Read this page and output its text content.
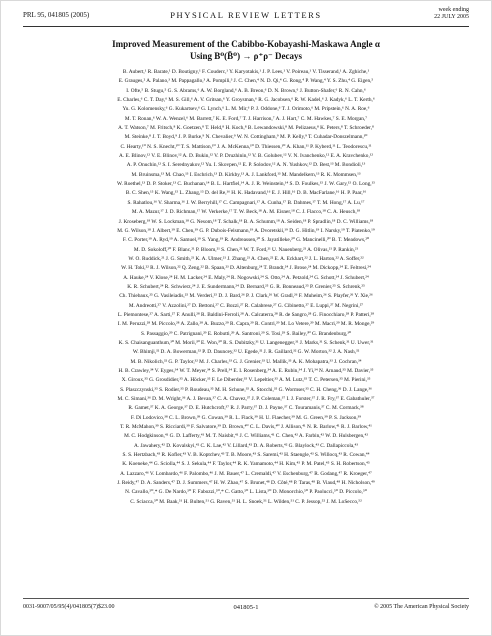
PRL 95, 041805 (2005)	PHYSICAL REVIEW LETTERS	week ending
22 JULY 2005
Improved Measurement of the Cabibbo-Kobayashi-Maskawa Angle α
Using B⁰(B̄⁰) → ρ⁺ρ⁻ Decays
B. Aubert,¹ R. Barate,¹ D. Boutigny,¹ F. Couderc,¹ Y. Karyotakis,¹ J. P. Lees,¹ V. Poireau,¹ V. Tisserand,¹ A. Zghiche,¹
E. Grauges,² A. Palano,³ M. Pappagallo,³ A. Pompili,³ J. C. Chen,⁴ N. D. Qi,⁴ G. Rong,⁴ P. Wang,⁴ Y. S. Zhu,⁴ G. Eigen,⁵
I. Ofte,⁵ B. Stugu,⁵ G. S. Abrams,⁶ A. W. Borgland,⁶ A. B. Breon,⁶ D. N. Brown,⁶ J. Button-Shafer,⁶ R. N. Cahn,⁶
E. Charles,⁶ C. T. Day,⁶ M. S. Gill,⁶ A. V. Gritsan,⁶ Y. Groysman,⁶ R. G. Jacobsen,⁶ R. W. Kadel,⁶ J. Kadyk,⁶ L. T. Kerth,⁶
Yu. G. Kolomensky,⁶ G. Kukartsev,⁶ G. Lynch,⁶ L. M. Mir,⁶ P. J. Oddone,⁶ T. J. Orimoto,⁶ M. Pripstein,⁶ N. A. Roe,⁶
M. T. Ronan,⁶ W. A. Wenzel,⁶ M. Barrett,⁷ K. E. Ford,⁷ T. J. Harrison,⁷ A. J. Hart,⁷ C. M. Hawkes,⁷ S. E. Morgan,⁷
A. T. Watson,⁷ M. Fritsch,⁸ K. Goetzen,⁸ T. Held,⁸ H. Koch,⁸ B. Lewandowski,⁸ M. Pelizaeus,⁸ K. Peters,⁸ T. Schroeder,⁸
M. Steinke,⁸ J. T. Boyd,⁹ J. P. Burke,⁹ N. Chevalier,⁹ W. N. Cottingham,⁹ M. P. Kelly,⁹ T. Cuhadar-Donszelmann,¹⁰
C. Hearty,¹⁰ N. S. Knecht,¹⁰ T. S. Mattison,¹⁰ J. A. McKenna,¹⁰ D. Thiessen,¹⁰ A. Khan,¹¹ P. Kyberd,¹¹ L. Teodorescu,¹¹
A. E. Blinov,¹² V. E. Blinov,¹² A. D. Bukin,¹² V. P. Druzhinin,¹² V. B. Golubev,¹² V. N. Ivanchenko,¹² E. A. Kravchenko,¹²
A. P. Onuchin,¹² S. I. Serednyakov,¹² Yu. I. Skovpen,¹² E. P. Solodov,¹² A. N. Yushkov,¹² D. Best,¹³ M. Bondioli,¹³
M. Bruinsma,¹³ M. Chao,¹³ I. Eschrich,¹³ D. Kirkby,¹³ A. J. Lankford,¹³ M. Mandelkern,¹³ R. K. Mommsen,¹³
W. Roethel,¹³ D. P. Stoker,¹³ C. Buchanan,¹⁴ B. L. Hartfiel,¹⁴ A. J. R. Weinstein,¹⁴ S. D. Foulkes,¹⁵ J. W. Gary,¹⁵ O. Long,¹⁵
B. C. Shen,¹⁵ K. Wang,¹⁵ L. Zhang,¹⁵ D. del Re,¹⁶ H. K. Hadavand,¹⁶ E. J. Hill,¹⁶ D. B. MacFarlane,¹⁶ H. P. Paar,¹⁶
S. Rahatlou,¹⁶ V. Sharma,¹⁶ J. W. Berryhill,¹⁷ C. Campagnari,¹⁷ A. Cunha,¹⁷ B. Dahmes,¹⁷ T. M. Hong,¹⁷ A. Lu,¹⁷
M. A. Mazur,¹⁷ J. D. Richman,¹⁷ W. Verkerke,¹⁷ T. W. Beck,¹⁸ A. M. Eisner,¹⁸ C. J. Flacco,¹⁸ C. A. Heusch,¹⁸
J. Kroseberg,¹⁸ W. S. Lockman,¹⁸ G. Nesom,¹⁸ T. Schalk,¹⁸ B. A. Schumm,¹⁸ A. Seiden,¹⁸ P. Spradlin,¹⁸ D. C. Williams,¹⁸
M. G. Wilson,¹⁸ J. Albert,¹⁹ E. Chen,¹⁹ G. P. Dubois-Felsmann,¹⁹ A. Dvoretskii,¹⁹ D. G. Hitlin,¹⁹ I. Narsky,¹⁹ T. Piatenko,¹⁹
F. C. Porter,¹⁹ A. Ryd,¹⁹ A. Samuel,¹⁹ S. Yang,¹⁹ R. Andreassen,²⁰ S. Jayatilleke,²⁰ G. Mancinelli,²⁰ B. T. Meadows,²⁰
M. D. Sokoloff,²⁰ F. Blanc,²¹ P. Bloom,²¹ S. Chen,²¹ W. T. Ford,²¹ U. Nauenberg,²¹ A. Olivas,²¹ P. Rankin,²¹
W. O. Ruddick,²¹ J. G. Smith,²¹ K. A. Ulmer,²¹ J. Zhang,²¹ A. Chen,²² E. A. Eckhart,²² J. L. Harton,²² A. Soffer,²²
W. H. Toki,²² R. J. Wilson,²² Q. Zeng,²² B. Spaan,²³ D. Altenburg,²⁴ T. Brandt,²⁴ J. Brose,²⁴ M. Dickopp,²⁴ E. Feltresi,²⁴
A. Hauke,²⁴ V. Klose,²⁴ H. M. Lacker,²⁴ E. Maly,²⁴ R. Nogowski,²⁴ S. Otto,²⁴ A. Petzold,²⁴ G. Schott,²⁴ J. Schubert,²⁴
K. R. Schubert,²⁴ R. Schwierz,²⁴ J. E. Sundermann,²⁴ D. Bernard,²⁵ G. R. Bonneaud,²⁵ P. Grenier,²⁵ S. Schrenk,²⁵
Ch. Thiebaux,²⁵ G. Vasileiadis,²⁵ M. Verderi,²⁵ D. J. Bard,²⁶ P. J. Clark,²⁶ W. Gradl,²⁶ F. Muheim,²⁶ S. Playfer,²⁶ Y. Xie,²⁶
M. Andreotti,²⁷ V. Azzolini,²⁷ D. Bettoni,²⁷ C. Bozzi,²⁷ R. Calabrese,²⁷ G. Cibinetto,²⁷ E. Luppi,²⁷ M. Negrini,²⁷
L. Piemontese,²⁷ A. Sarti,²⁷ F. Anulli,²⁸ R. Baldini-Ferroli,²⁸ A. Calcaterra,²⁸ R. de Sangro,²⁸ G. Finocchiaro,²⁸ P. Patteri,²⁸
I. M. Peruzzi,²⁸ M. Piccolo,²⁸ A. Zallo,²⁸ A. Buzzo,²⁹ R. Capra,²⁹ R. Contri,²⁹ M. Lo Vetere,²⁹ M. Macri,²⁹ M. R. Monge,²⁹
S. Passaggio,²⁹ C. Patrignani,²⁹ E. Robutti,²⁹ A. Santroni,²⁹ S. Tosi,²⁹ S. Bailey,³⁰ G. Brandenburg,³⁰
K. S. Chaisanguanthum,³⁰ M. Morii,³⁰ E. Won,³⁰ R. S. Dubitzky,³¹ U. Langenegger,³¹ J. Marks,³¹ S. Schenk,³¹ U. Uwer,³¹
W. Bhimji,³² D. A. Bowerman,³² P. D. Dauncey,³² U. Egede,³² J. R. Gaillard,³² G. W. Morton,³² J. A. Nash,³²
M. B. Nikolich,³² G. P. Taylor,³² M. J. Charles,³³ G. J. Grenier,³³ U. Mallik,³³ A. K. Mohapatra,³³ J. Cochran,³⁴
H. B. Crawley,³⁴ V. Eyges,³⁴ W. T. Meyer,³⁴ S. Prell,³⁴ E. I. Rosenberg,³⁴ A. E. Rubin,³⁴ J. Yi,³⁴ N. Arnaud,³⁵ M. Davier,³⁵
X. Giroux,³⁵ G. Grosdidier,³⁵ A. Höcker,³⁵ F. Le Diberder,³⁵ V. Lepeltier,³⁵ A. M. Lutz,³⁵ T. C. Petersen,³⁵ M. Pierini,³⁵
S. Plaszczynski,³⁵ S. Rodier,³⁵ P. Roudeau,³⁵ M. H. Schune,³⁵ A. Stocchi,³⁵ G. Wormser,³⁵ C. H. Cheng,³⁶ D. J. Lange,³⁶
M. C. Simani,³⁶ D. M. Wright,³⁶ A. J. Bevan,³⁷ C. A. Chavez,³⁷ J. P. Coleman,³⁷ I. J. Forster,³⁷ J. R. Fry,³⁷ E. Gabathuler,³⁷
R. Gamet,³⁷ K. A. George,³⁷ D. E. Hutchcroft,³⁷ R. J. Parry,³⁷ D. J. Payne,³⁷ C. Touramanis,³⁷ C. M. Cormack,³⁸
F. Di Lodovico,³⁸ C. L. Brown,³⁹ G. Cowan,³⁹ R. L. Flack,³⁹ H. U. Flaecher,³⁹ M. G. Green,³⁹ P. S. Jackson,³⁹
T. R. McMahon,³⁹ S. Ricciardi,³⁹ F. Salvatore,³⁹ D. Brown,⁴⁰ C. L. Davis,⁴⁰ J. Allison,⁴¹ N. R. Barlow,⁴¹ R. J. Barlow,⁴¹
M. C. Hodgkinson,⁴¹ G. D. Lafferty,⁴¹ M. T. Naisbit,⁴¹ J. C. Williams,⁴¹ C. Chen,⁴² A. Farbin,⁴² W. D. Hulsbergen,⁴²
A. Jawahery,⁴² D. Kovalskyi,⁴² C. K. Lae,⁴² V. Lillard,⁴² D. A. Roberts,⁴² G. Blaylock,⁴³ C. Dallapiccola,⁴³
S. S. Hertzbach,⁴³ R. Kofler,⁴³ V. B. Koptchev,⁴³ T. B. Moore,⁴³ S. Saremi,⁴³ H. Staengle,⁴³ S. Willocq,⁴³ R. Cowan,⁴⁴
K. Koeneke,⁴⁴ G. Sciolla,⁴⁴ S. J. Sekula,⁴⁴ F. Taylor,⁴⁴ R. K. Yamamoto,⁴⁴ H. Kim,⁴⁵ P. M. Patel,⁴⁵ S. H. Robertson,⁴⁵
A. Lazzaro,⁴⁶ V. Lombardo,⁴⁶ F. Palombo,⁴⁶ J. M. Bauer,⁴⁷ L. Cremaldi,⁴⁷ V. Eschenburg,⁴⁷ R. Godang,⁴⁷ R. Kroeger,⁴⁷
J. Reidy,⁴⁷ D. A. Sanders,⁴⁷ D. J. Summers,⁴⁷ H. W. Zhao,⁴⁷ S. Brunet,⁴⁸ D. Côté,⁴⁸ P. Taras,⁴⁸ B. Viaud,⁴⁸ H. Nicholson,⁴⁹
N. Cavallo,⁵⁰,* G. De Nardo,⁵⁰ F. Fabozzi,⁵⁰,* C. Gatto,⁵⁰ L. Lista,⁵⁰ D. Monorchio,⁵⁰ P. Paolucci,⁵⁰ D. Piccolo,⁵⁰
C. Sciacca,⁵⁰ M. Baak,⁵¹ H. Bulten,⁵¹ G. Raven,⁵¹ H. L. Snoek,⁵¹ L. Wilden,⁵¹ C. P. Jessop,⁵² J. M. LoSecco,⁵²
0031-9007/05/95(4)/041805(7)$23.00	041805-1	© 2005 The American Physical Society
